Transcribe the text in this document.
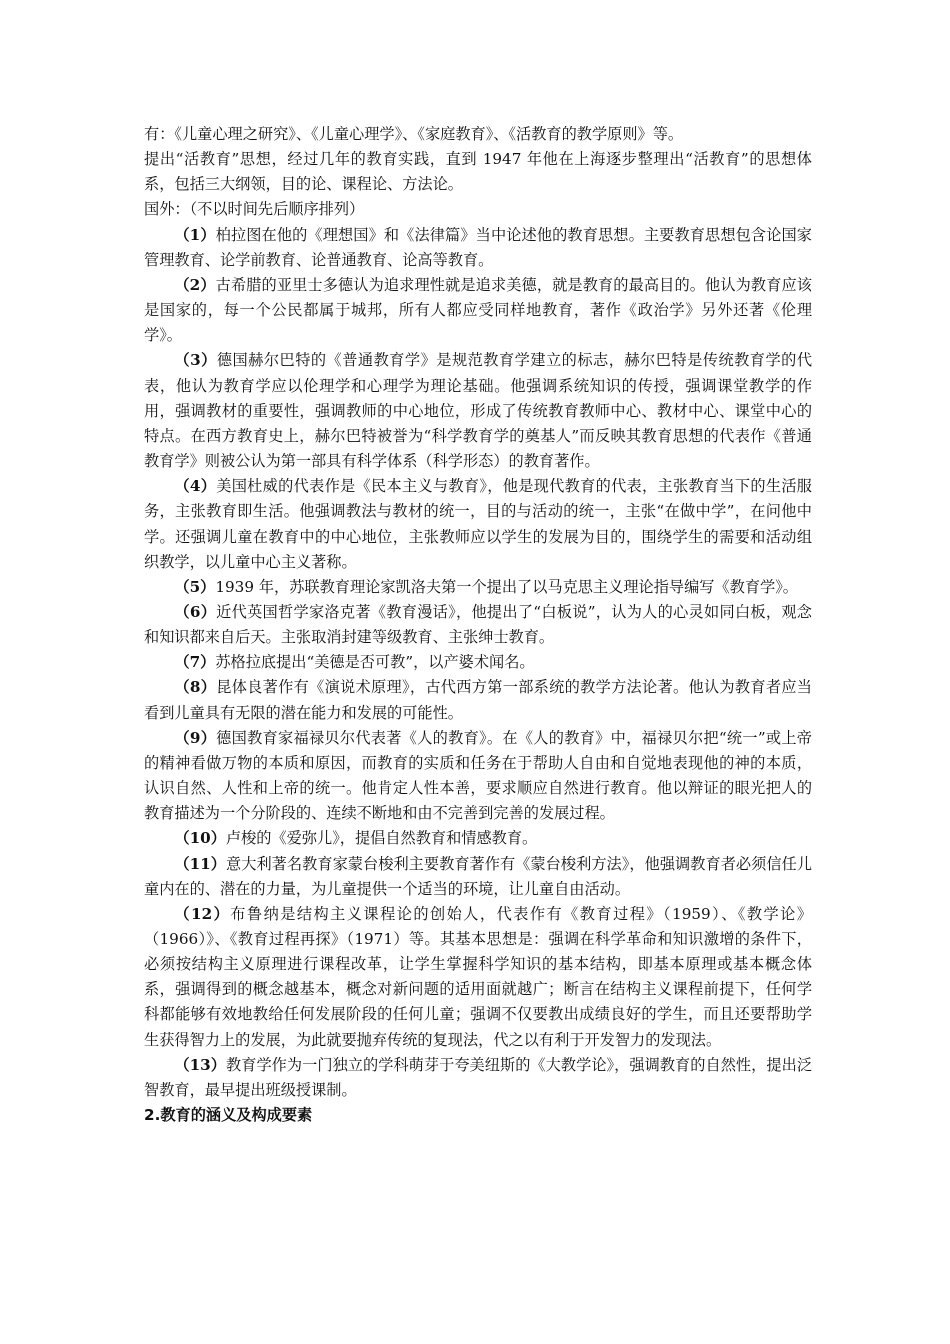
有：《儿童心理之研究》、《儿童心理学》、《家庭教育》、《活教育的教学原则》等。

提出“活教育”思想，经过几年的教育实践，直到 1947 年他在上海逐步整理出“活教育”的思想体系，包括三大纲领，目的论、课程论、方法论。

国外：（不以时间先后顺序排列）

（1）柏拉图在他的《理想国》和《法律篇》当中论述他的教育思想。主要教育思想包含论国家管理教育、论学前教育、论普通教育、论高等教育。

（2）古希腊的亚里士多德认为追求理性就是追求美德，就是教育的最高目的。他认为教育应该是国家的，每一个公民都属于城邦，所有人都应受同样地教育，著作《政治学》另外还著《伦理学》。

（3）德国赫尔巴特的《普通教育学》是规范教育学建立的标志，赫尔巴特是传统教育学的代表，他认为教育学应以伦理学和心理学为理论基础。他强调系统知识的传授，强调课堂教学的作用，强调教材的重要性，强调教师的中心地位，形成了传统教育教师中心、教材中心、课堂中心的特点。在西方教育史上，赫尔巴特被誉为“科学教育学的奠基人”而反映其教育思想的代表作《普通教育学》则被公认为第一部具有科学体系（科学形态）的教育著作。

（4）美国杜威的代表作是《民本主义与教育》，他是现代教育的代表，主张教育当下的生活服务，主张教育即生活。他强调教法与教材的统一，目的与活动的统一，主张“在做中学”，在问他中学。还强调儿童在教育中的中心地位，主张教师应以学生的发展为目的，围绕学生的需要和活动组织教学，以儿童中心主义著称。

（5）1939 年，苏联教育理论家凯洛夫第一个提出了以马克思主义理论指导编写《教育学》。

（6）近代英国哲学家洛克著《教育漫话》，他提出了“白板说”，认为人的心灵如同白板，观念和知识都来自后天。主张取消封建等级教育、主张绅士教育。

（7）苏格拉底提出“美德是否可教”，以产婆术闻名。

（8）昆体良著作有《演说术原理》，古代西方第一部系统的教学方法论著。他认为教育者应当看到儿童具有无限的潜在能力和发展的可能性。

（9）德国教育家福禄贝尔代表著《人的教育》。在《人的教育》中，福禄贝尔把“统一”或上帝的精神看做万物的本质和原因，而教育的实质和任务在于帮助人自由和自觉地表现他的神的本质，认识自然、人性和上帝的统一。他肯定人性本善，要求顺应自然进行教育。他以辩证的眼光把人的教育描述为一个分阶段的、连续不断地和由不完善到完善的发展过程。

（10）卢梭的《爱弥儿》，提倡自然教育和情感教育。

（11）意大利著名教育家蒙台梭利主要教育著作有《蒙台梭利方法》，他强调教育者必须信任儿童内在的、潜在的力量，为儿童提供一个适当的环境，让儿童自由活动。

（12）布鲁纳是结构主义课程论的创始人，代表作有《教育过程》（1959）、《教学论》（1966）》、《教育过程再探》（1971）等。其基本思想是：强调在科学革命和知识激增的条件下，必须按结构主义原理进行课程改革，让学生掌握科学知识的基本结构，即基本原理或基本概念体系，强调得到的概念越基本，概念对新问题的适用面就越广；断言在结构主义课程前提下，任何学科都能够有效地教给任何发展阶段的任何儿童；强调不仅要教出成绩良好的学生，而且还要帮助学生获得智力上的发展，为此就要抛弃传统的复现法，代之以有利于开发智力的发现法。

（13）教育学作为一门独立的学科萌芽于夸美纽斯的《大教学论》，强调教育的自然性，提出泛智教育，最早提出班级授课制。

2.教育的涵义及构成要素
